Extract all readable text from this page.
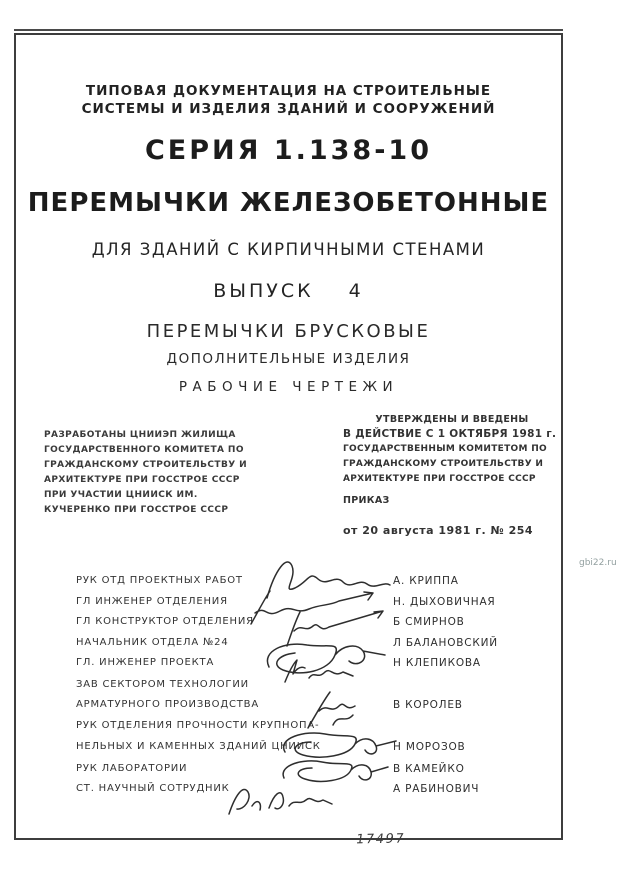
ТИПОВАЯ ДОКУМЕНТАЦИЯ НА СТРОИТЕЛЬНЫЕ
СИСТЕМЫ И ИЗДЕЛИЯ ЗДАНИЙ И СООРУЖЕНИЙ
СЕРИЯ 1.138-10
ПЕРЕМЫЧКИ ЖЕЛЕЗОБЕТОННЫЕ
ДЛЯ ЗДАНИЙ С КИРПИЧНЫМИ СТЕНАМИ
ВЫПУСК 4
ПЕРЕМЫЧКИ БРУСКОВЫЕ
ДОПОЛНИТЕЛЬНЫЕ ИЗДЕЛИЯ
РАБОЧИЕ ЧЕРТЕЖИ
РАЗРАБОТАНЫ ЦНИИЭП ЖИЛИЩА
ГОСУДАРСТВЕННОГО КОМИТЕТА ПО
ГРАЖДАНСКОМУ СТРОИТЕЛЬСТВУ И
АРХИТЕКТУРЕ ПРИ ГОССТРОЕ СССР
ПРИ УЧАСТИИ ЦНИИСК ИМ.
КУЧЕРЕНКО ПРИ ГОССТРОЕ СССР
УТВЕРЖДЕНЫ И ВВЕДЕНЫ
В ДЕЙСТВИЕ С 1 ОКТЯБРЯ 1981 г.
ГОСУДАРСТВЕННЫМ КОМИТЕТОМ ПО
ГРАЖДАНСКОМУ СТРОИТЕЛЬСТВУ И
АРХИТЕКТУРЕ ПРИ ГОССТРОЕ СССР
ПРИКАЗ

от 20 августа 1981 г. № 254
РУК ОТД ПРОЕКТНЫХ РАБОТ
ГЛ ИНЖЕНЕР ОТДЕЛЕНИЯ
ГЛ КОНСТРУКТОР ОТДЕЛЕНИЯ
НАЧАЛЬНИК ОТДЕЛА №24
ГЛ. ИНЖЕНЕР ПРОЕКТА
ЗАВ СЕКТОРОМ ТЕХНОЛОГИИ
АРМАТУРНОГО ПРОИЗВОДСТВА
РУК ОТДЕЛЕНИЯ ПРОЧНОСТИ КРУПНОПА-
НЕЛЬНЫХ И КАМЕННЫХ ЗДАНИЙ ЦНИИСК
РУК ЛАБОРАТОРИИ
СТ. НАУЧНЫЙ СОТРУДНИК
А. КРИППА
Н. ДЫХОВИЧНАЯ
Б СМИРНОВ
Л БАЛАНОВСКИЙ
Н КЛЕПИКОВА
В КОРОЛЕВ
Н МОРОЗОВ
В КАМЕЙКО
А РАБИНОВИЧ
17497
gbi22.ru
